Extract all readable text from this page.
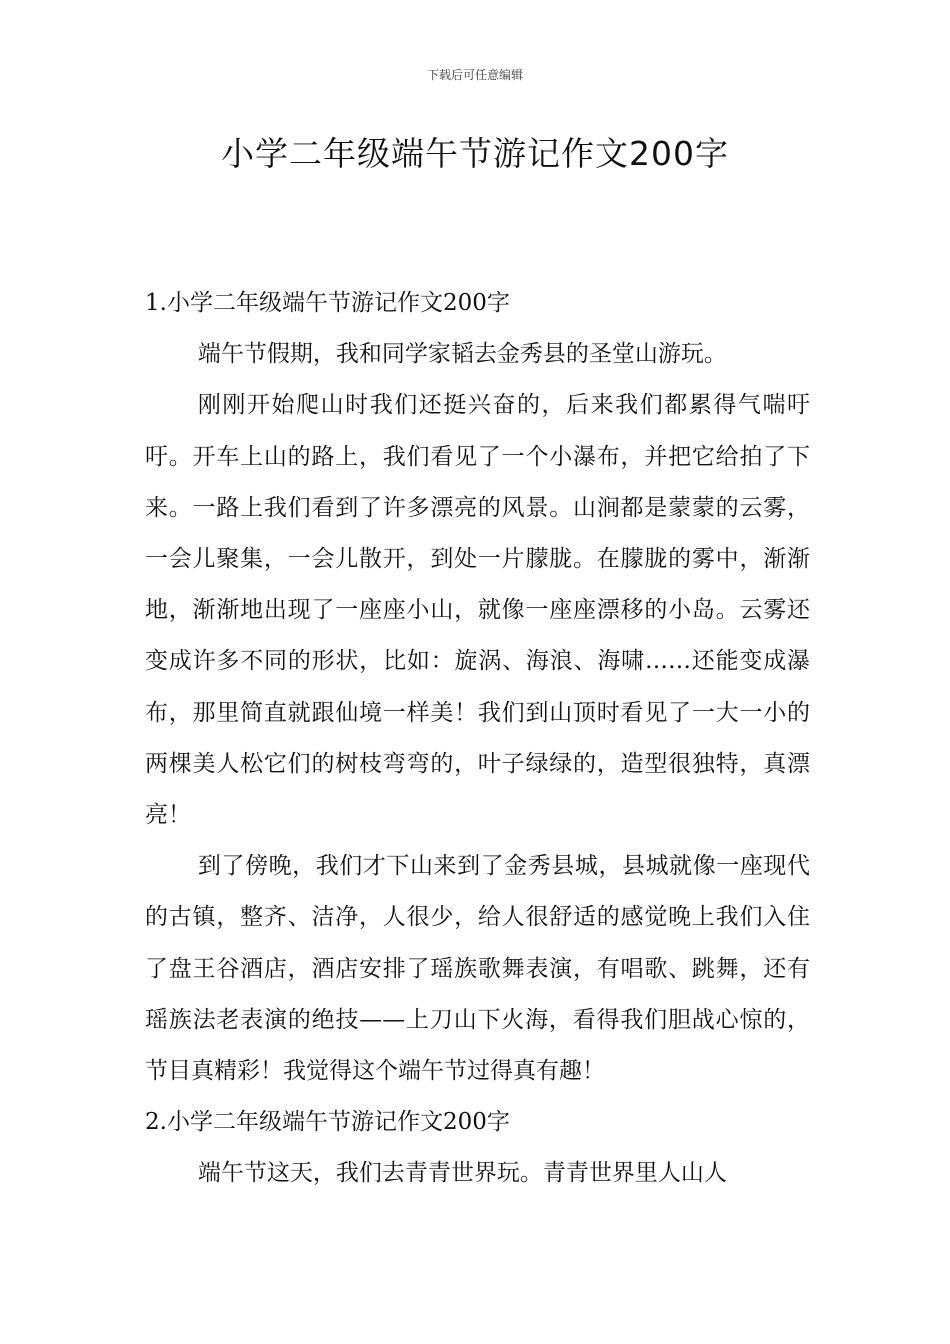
下载后可任意编辑
小学二年级端午节游记作文200字

1.小学二年级端午节游记作文200字

端午节假期，我和同学家韬去金秀县的圣堂山游玩。

刚刚开始爬山时我们还挺兴奋的，后来我们都累得气喘吁吁。开车上山的路上，我们看见了一个小瀑布，并把它给拍了下来。一路上我们看到了许多漂亮的风景。山涧都是蒙蒙的云雾，一会儿聚集，一会儿散开，到处一片朦胧。在朦胧的雾中，渐渐地，渐渐地出现了一座座小山，就像一座座漂移的小岛。云雾还变成许多不同的形状，比如：旋涡、海浪、海啸……还能变成瀑布，那里简直就跟仙境一样美！我们到山顶时看见了一大一小的两棵美人松它们的树枝弯弯的，叶子绿绿的，造型很独特，真漂亮！

到了傍晚，我们才下山来到了金秀县城，县城就像一座现代的古镇，整齐、洁净，人很少，给人很舒适的感觉晚上我们入住了盘王谷酒店，酒店安排了瑶族歌舞表演，有唱歌、跳舞，还有瑶族法老表演的绝技——上刀山下火海，看得我们胆战心惊的，节目真精彩！我觉得这个端午节过得真有趣！

2.小学二年级端午节游记作文200字

端午节这天，我们去青青世界玩。青青世界里人山人
